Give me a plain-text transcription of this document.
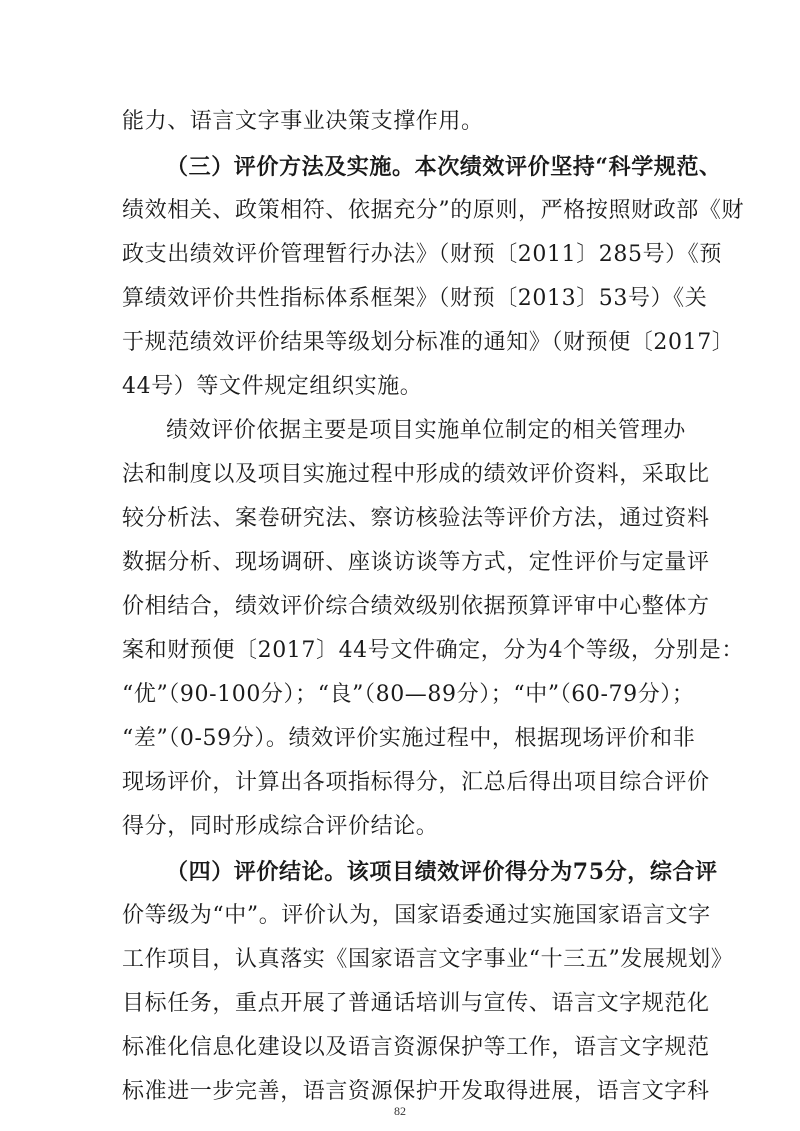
能力、语言文字事业决策支撑作用。
（三）评价方法及实施。本次绩效评价坚持“科学规范、
绩效相关、政策相符、依据充分”的原则，严格按照财政部《财
政支出绩效评价管理暂行办法》（财预〔2011〕285号）《预
算绩效评价共性指标体系框架》（财预〔2013〕53号）《关
于规范绩效评价结果等级划分标准的通知》（财预便〔2017〕
44号）等文件规定组织实施。
绩效评价依据主要是项目实施单位制定的相关管理办
法和制度以及项目实施过程中形成的绩效评价资料，采取比
较分析法、案卷研究法、察访核验法等评价方法，通过资料
数据分析、现场调研、座谈访谈等方式，定性评价与定量评
价相结合，绩效评价综合绩效级别依据预算评审中心整体方
案和财预便〔2017〕44号文件确定，分为4个等级，分别是：
“优”（90-100分）；“良”（80—89分）；“中”（60-79分）；
“差”（0-59分）。绩效评价实施过程中，根据现场评价和非
现场评价，计算出各项指标得分，汇总后得出项目综合评价
得分，同时形成综合评价结论。
（四）评价结论。该项目绩效评价得分为75分，综合评
价等级为“中”。评价认为，国家语委通过实施国家语言文字
工作项目，认真落实《国家语言文字事业“十三五”发展规划》
目标任务，重点开展了普通话培训与宣传、语言文字规范化
标准化信息化建设以及语言资源保护等工作，语言文字规范
标准进一步完善，语言资源保护开发取得进展，语言文字科
82
